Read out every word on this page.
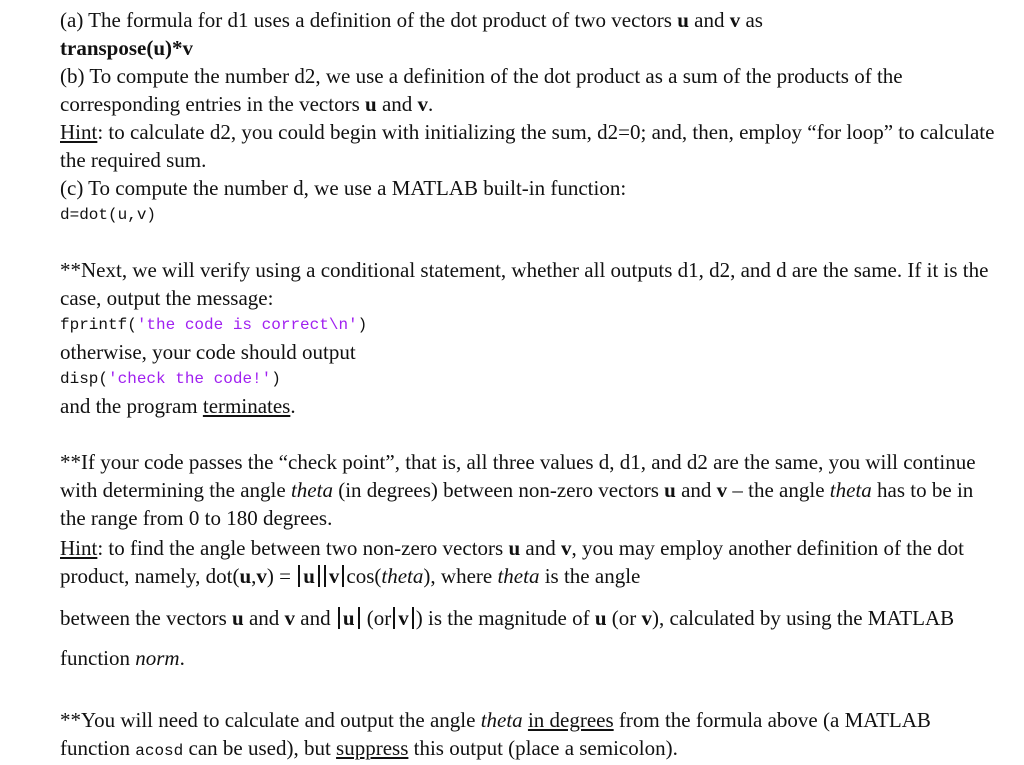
(a) The formula for d1 uses a definition of the dot product of two vectors u and v as
transpose(u)*v

(b) To compute the number d2, we use a definition of the dot product as a sum of the products of the corresponding entries in the vectors u and v.

Hint: to calculate d2, you could begin with initializing the sum, d2=0; and, then, employ “for loop” to calculate the required sum.

(c) To compute the number d, we use a MATLAB built-in function:

d=dot(u,v)

**Next, we will verify using a conditional statement, whether all outputs d1, d2, and d are the same. If it is the case, output the message:

fprintf('the code is correct\n')

otherwise, your code should output

disp('check the code!')

and the program terminates.

**If your code passes the “check point”, that is, all three values d, d1, and d2 are the same, you will continue with determining the angle theta (in degrees) between non-zero vectors u and v – the angle theta has to be in the range from 0 to 180 degrees.

Hint: to find the angle between two non-zero vectors u and v, you may employ another definition of the dot product, namely, dot(u,v) = u v cos(theta), where theta is the angle

between the vectors u and v and u (or v ) is the magnitude of u (or v), calculated by using the MATLAB function norm.

**You will need to calculate and output the angle theta in degrees from the formula above (a MATLAB function acosd can be used), but suppress this output (place a semicolon).
